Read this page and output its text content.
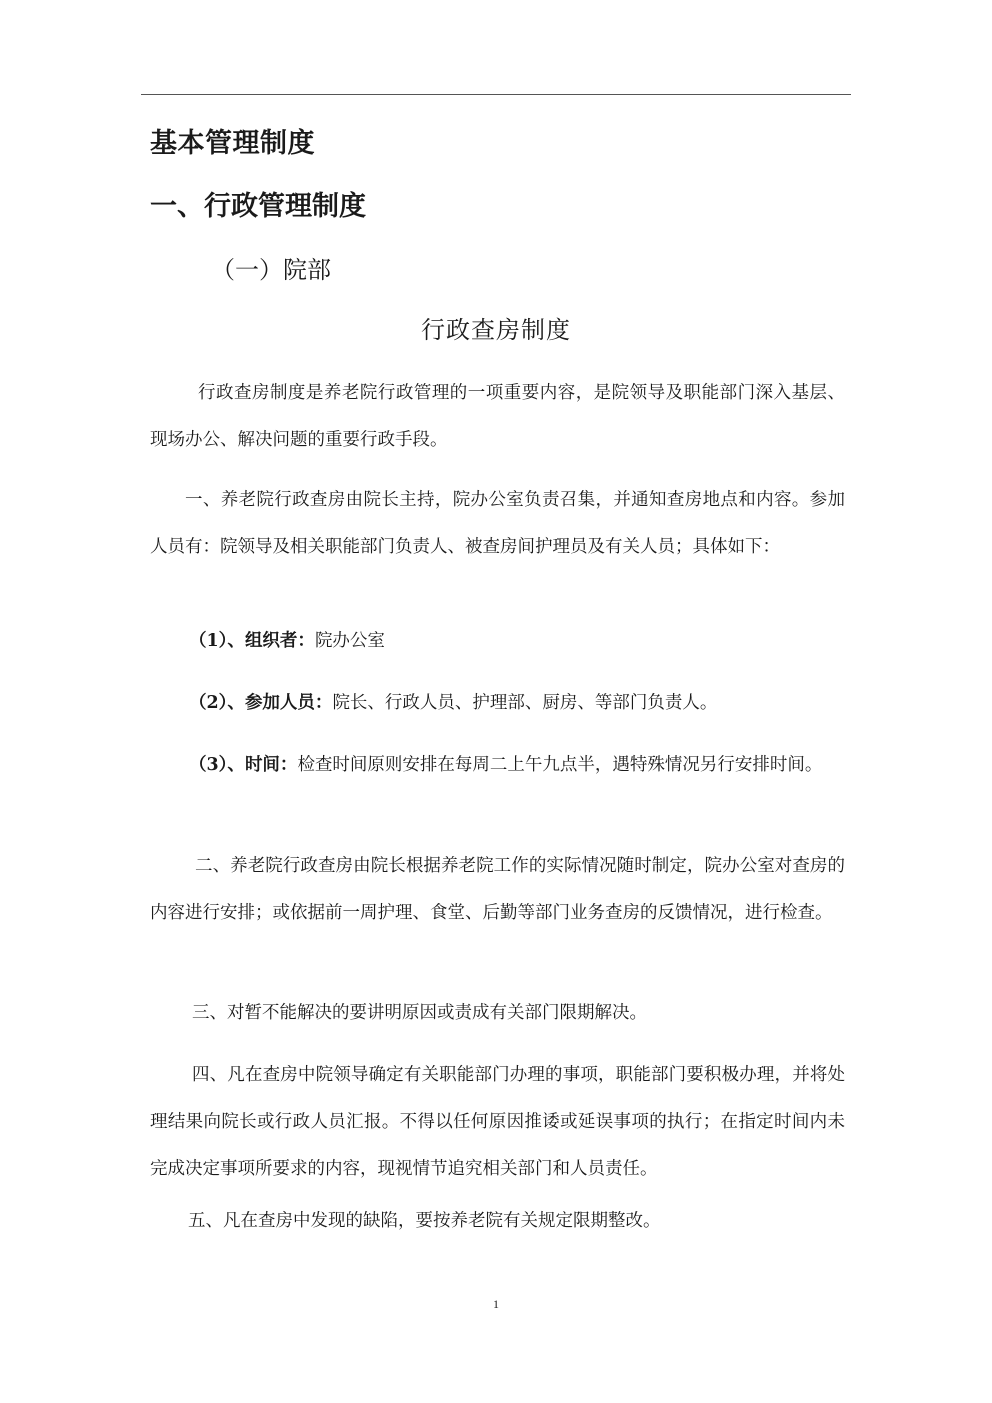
基本管理制度
一、行政管理制度
（一）院部
行政查房制度

行政查房制度是养老院行政管理的一项重要内容，是院领导及职能部门深入基层、现场办公、解决问题的重要行政手段。

一、养老院行政查房由院长主持，院办公室负责召集，并通知查房地点和内容。参加人员有：院领导及相关职能部门负责人、被查房间护理员及有关人员；具体如下：

（1）、组织者：院办公室

（2）、参加人员：院长、行政人员、护理部、厨房、等部门负责人。

（3）、时间：检查时间原则安排在每周二上午九点半，遇特殊情况另行安排时间。

二、养老院行政查房由院长根据养老院工作的实际情况随时制定，院办公室对查房的内容进行安排；或依据前一周护理、食堂、后勤等部门业务查房的反馈情况，进行检查。

三、对暂不能解决的要讲明原因或责成有关部门限期解决。

四、凡在查房中院领导确定有关职能部门办理的事项，职能部门要积极办理，并将处理结果向院长或行政人员汇报。不得以任何原因推诿或延误事项的执行；在指定时间内未完成决定事项所要求的内容，现视情节追究相关部门和人员责任。

五、凡在查房中发现的缺陷，要按养老院有关规定限期整改。

1
